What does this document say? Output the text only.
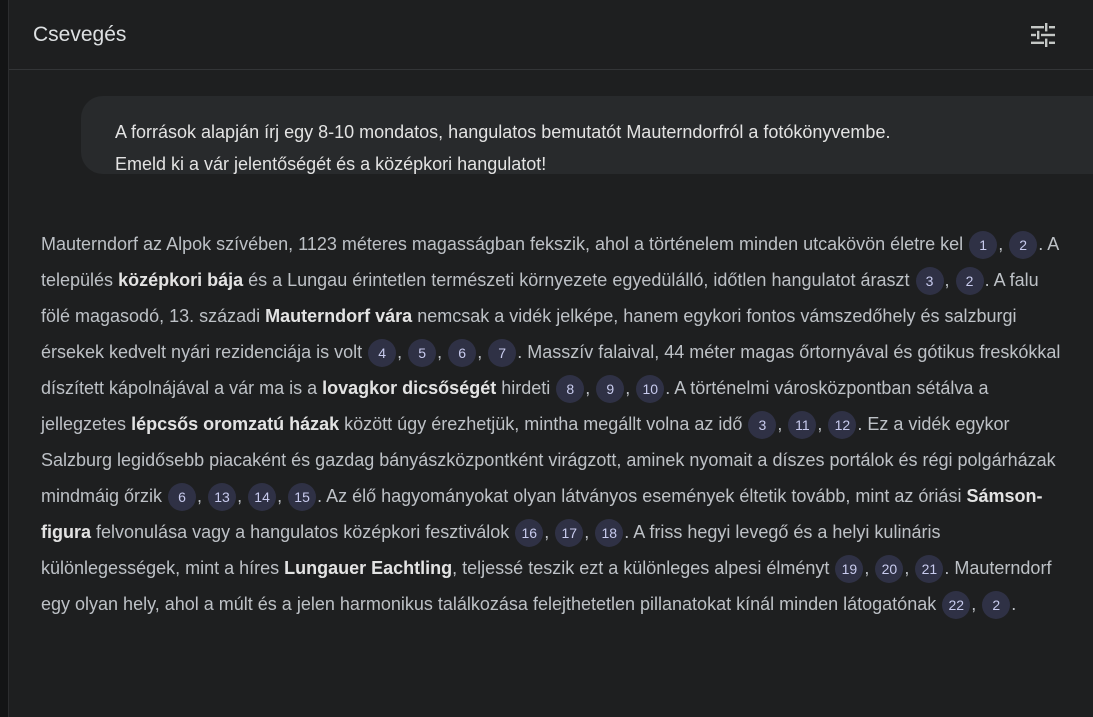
Csevegés

A források alapján írj egy 8-10 mondatos, hangulatos bemutatót Mauterndorfról a fotókönyvembe.

Emeld ki a vár jelentőségét és a középkori hangulatot!

Mauterndorf az Alpok szívében, 1123 méteres magasságban fekszik, ahol a történelem minden utcakövön életre kel 1 , 2 . A település középkori bája és a Lungau érintetlen természeti környezete egyedülálló, időtlen hangulatot áraszt 3 , 2 . A falu fölé magasodó, 13. századi Mauterndorf vára nemcsak a vidék jelképe, hanem egykori fontos vámszedőhely és salzburgi érsekek kedvelt nyári rezidenciája is volt 4 , 5 , 6 , 7 . Masszív falaival, 44 méter magas őrtornyával és gótikus freskókkal díszített kápolnájával a vár ma is a lovagkor dicsőségét hirdeti 8 , 9 , 10 . A történelmi városközpontban sétálva a jellegzetes lépcsős oromzatú házak között úgy érezhetjük, mintha megállt volna az idő 3 , 11 , 12 . Ez a vidék egykor Salzburg legidősebb piacaként és gazdag bányászközpontként virágzott, aminek nyomait a díszes portálok és régi polgárházak mindmáig őrzik 6 , 13 , 14 , 15 . Az élő hagyományokat olyan látványos események éltetik tovább, mint az óriási Sámson-figura felvonulása vagy a hangulatos középkori fesztiválok 16 , 17 , 18 . A friss hegyi levegő és a helyi kulináris különlegességek, mint a híres Lungauer Eachtling, teljessé teszik ezt a különleges alpesi élményt 19 , 20 , 21 . Mauterndorf egy olyan hely, ahol a múlt és a jelen harmonikus találkozása felejthetetlen pillanatokat kínál minden látogatónak 22 , 2 .
